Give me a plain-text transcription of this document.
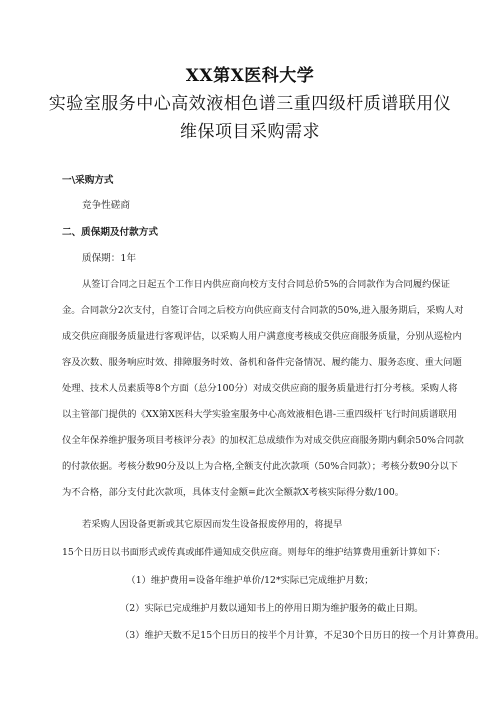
XX第X医科大学
实验室服务中心高效液相色谱三重四级杆质谱联用仪
维保项目采购需求
一\采购方式
竞争性磋商
二、质保期及付款方式
质保期：1年
从签订合同之日起五个工作日内供应商向校方支付合同总价5%的合同款作为合同履约保证
金。合同款分2次支付，自签订合同之后校方向供应商支付合同款的50%,进入服务期后，采购人对
成交供应商服务质量进行客观评估，以采购人用户满意度考核成交供应商服务质量，分别从巡检内
容及次数、服务响应时效、排障服务时效、备机和备件完备情况、履约能力、服务态度、重大问题
处理、技术人员素质等8个方面（总分100分）对成交供应商的服务质量进行打分考核。采购人将
以主管部门提供的《XX第X医科大学实验室服务中心高效液相色谱-三重四级杆飞行时间质谱联用
仪全年保养维护服务项目考核评分表》的加权汇总成绩作为对成交供应商服务期内剩余50%合同款
的付款依据。考核分数90分及以上为合格,全额支付此次款项（50%合同款）；考核分数90分以下
为不合格，部分支付此次款项，具体支付金额=此次全额款X考核实际得分数/100。
若采购人因设备更新或其它原因而发生设备报废停用的，将提早
15个日历日以书面形式或传真或邮件通知成交供应商。则每年的维护结算费用重新计算如下：
（1）维护费用=设备年维护单价/12*实际已完成维护月数；
（2）实际已完成维护月数以通知书上的停用日期为维护服务的截止日期。
（3）维护天数不足15个日历日的按半个月计算，不足30个日历日的按一个月计算费用。
